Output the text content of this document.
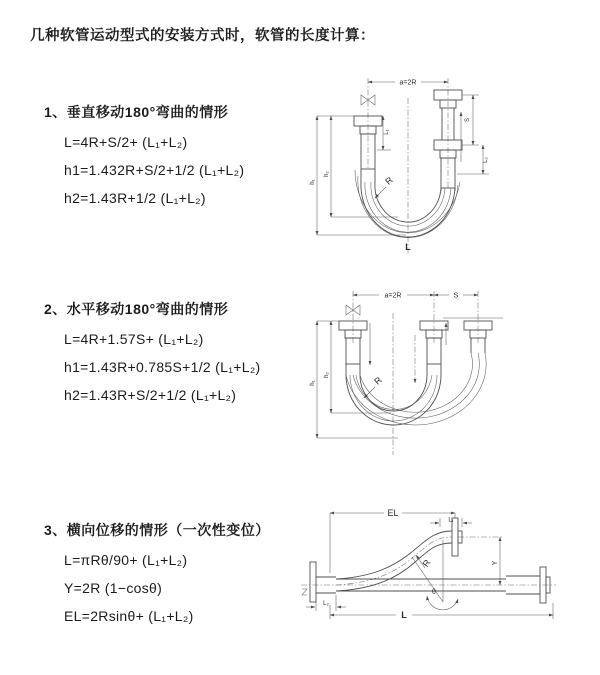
几种软管运动型式的安装方式时，软管的长度计算：
1、垂直移动180°弯曲的情形
L=4R+S/2+ (L₁+L₂)
h1=1.432R+S/2+1/2 (L₁+L₂)
h2=1.43R+1/2 (L₁+L₂)
2、水平移动180°弯曲的情形
L=4R+1.57S+ (L₁+L₂)
h1=1.43R+0.785S+1/2 (L₁+L₂)
h2=1.43R+S/2+1/2 (L₁+L₂)
3、横向位移的情形（一次性变位）
L=πRθ/90+ (L₁+L₂)
Y=2R (1−cosθ)
EL=2Rsinθ+ (L₁+L₂)
a=2R
h₁
h₂
L₁
S
L₂
R
L
a=2R	S
h₁
h₂	R
EL
L₁
Y
R
θ
L₂
L
